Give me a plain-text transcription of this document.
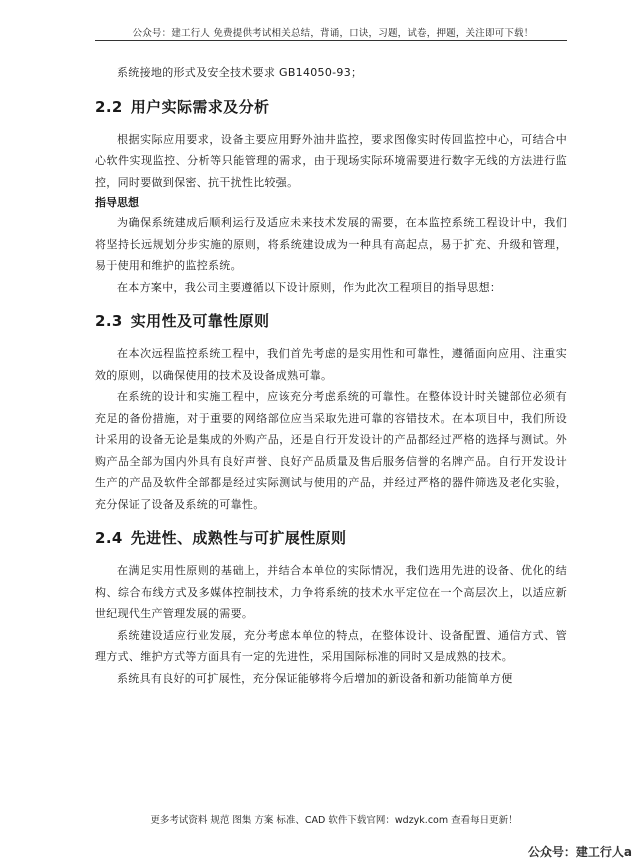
公众号：建工行人 免费提供考试相关总结，背诵，口诀，习题，试卷，押题，关注即可下载！

系统接地的形式及安全技术要求 GB14050-93；

2.2 用户实际需求及分析

根据实际应用要求，设备主要应用野外油井监控，要求图像实时传回监控中心，可结合中心软件实现监控、分析等只能管理的需求，由于现场实际环境需要进行数字无线的方法进行监控，同时要做到保密、抗干扰性比较强。

指导思想

为确保系统建成后顺利运行及适应未来技术发展的需要，在本监控系统工程设计中，我们将坚持长远规划分步实施的原则，将系统建设成为一种具有高起点，易于扩充、升级和管理，易于使用和维护的监控系统。

在本方案中，我公司主要遵循以下设计原则，作为此次工程项目的指导思想：

2.3 实用性及可靠性原则

在本次远程监控系统工程中，我们首先考虑的是实用性和可靠性，遵循面向应用、注重实效的原则，以确保使用的技术及设备成熟可靠。

在系统的设计和实施工程中，应该充分考虑系统的可靠性。在整体设计时关键部位必须有充足的备份措施，对于重要的网络部位应当采取先进可靠的容错技术。在本项目中，我们所设计采用的设备无论是集成的外购产品，还是自行开发设计的产品都经过严格的选择与测试。外购产品全部为国内外具有良好声誉、良好产品质量及售后服务信誉的名牌产品。自行开发设计生产的产品及软件全部都是经过实际测试与使用的产品，并经过严格的器件筛选及老化实验，充分保证了设备及系统的可靠性。

2.4 先进性、成熟性与可扩展性原则

在满足实用性原则的基础上，并结合本单位的实际情况，我们选用先进的设备、优化的结构、综合布线方式及多媒体控制技术，力争将系统的技术水平定位在一个高层次上，以适应新世纪现代生产管理发展的需要。

系统建设适应行业发展，充分考虑本单位的特点，在整体设计、设备配置、通信方式、管理方式、维护方式等方面具有一定的先进性，采用国际标准的同时又是成熟的技术。

系统具有良好的可扩展性，充分保证能够将今后增加的新设备和新功能简单方便

更多考试资料 规范 图集 方案 标准、CAD 软件下载官网：wdzyk.com 查看每日更新！
公众号：建工行人a
